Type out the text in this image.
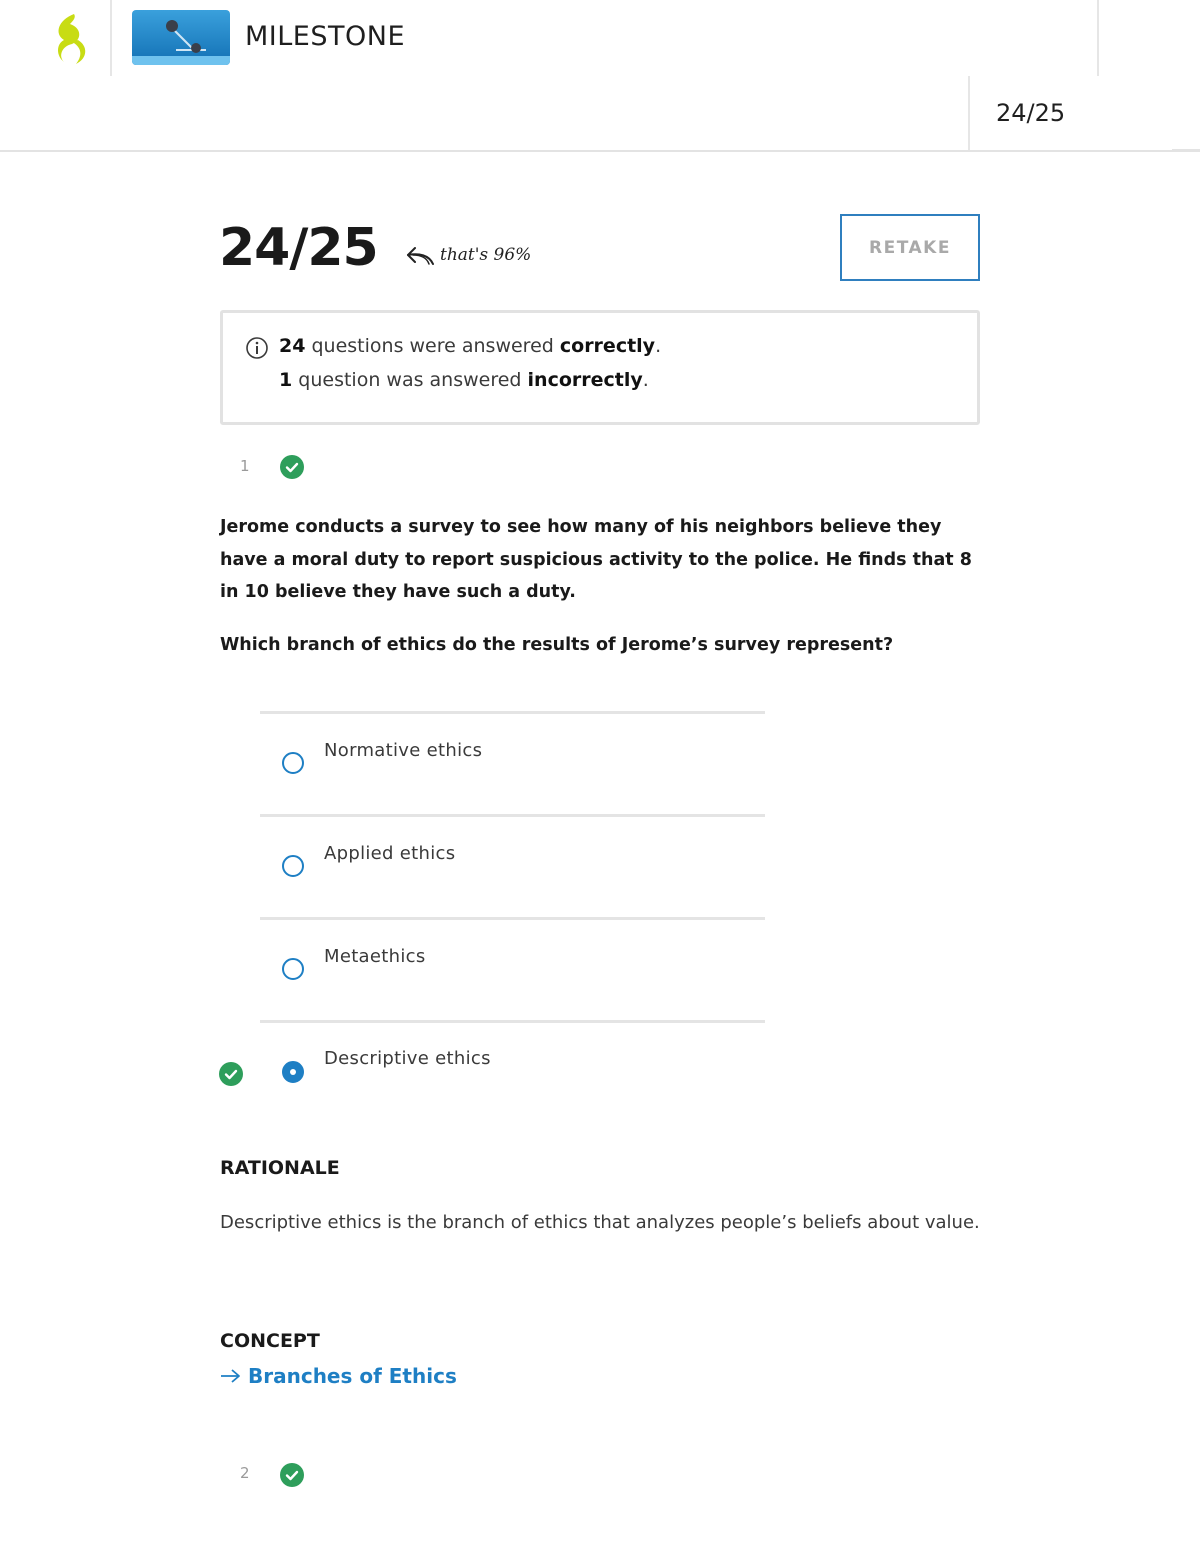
MILESTONE
24/25
24/25	that's 96%	RETAKE
24 questions were answered correctly.
1 question was answered incorrectly.
1
Jerome conducts a survey to see how many of his neighbors believe they have a moral duty to report suspicious activity to the police. He finds that 8 in 10 believe they have such a duty.
Which branch of ethics do the results of Jerome’s survey represent?
Normative ethics
Applied ethics
Metaethics
Descriptive ethics
RATIONALE
Descriptive ethics is the branch of ethics that analyzes people’s beliefs about value.
CONCEPT
Branches of Ethics
2
